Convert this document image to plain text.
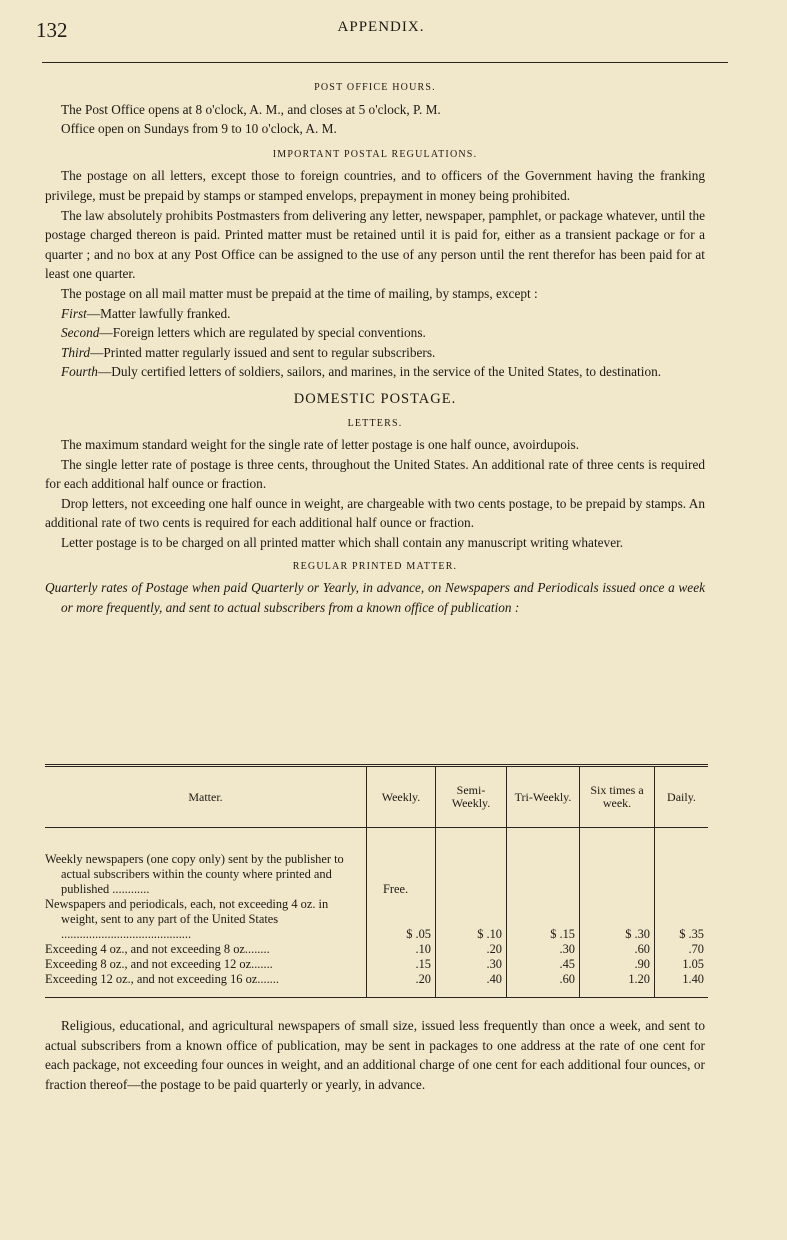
132	APPENDIX.
POST OFFICE HOURS.

The Post Office opens at 8 o'clock, A. M., and closes at 5 o'clock, P. M.

Office open on Sundays from 9 to 10 o'clock, A. M.

IMPORTANT POSTAL REGULATIONS.

The postage on all letters, except those to foreign countries, and to officers of the Government having the franking privilege, must be prepaid by stamps or stamped envelops, prepayment in money being prohibited.

The law absolutely prohibits Postmasters from delivering any letter, newspaper, pamphlet, or package whatever, until the postage charged thereon is paid. Printed matter must be retained until it is paid for, either as a transient package or for a quarter ; and no box at any Post Office can be assigned to the use of any person until the rent therefor has been paid for at least one quarter.

The postage on all mail matter must be prepaid at the time of mailing, by stamps, except :

First—Matter lawfully franked.

Second—Foreign letters which are regulated by special conventions.

Third—Printed matter regularly issued and sent to regular subscribers.

Fourth—Duly certified letters of soldiers, sailors, and marines, in the service of the United States, to destination.

DOMESTIC POSTAGE.
LETTERS.

The maximum standard weight for the single rate of letter postage is one half ounce, avoirdupois.

The single letter rate of postage is three cents, throughout the United States. An additional rate of three cents is required for each additional half ounce or fraction.

Drop letters, not exceeding one half ounce in weight, are chargeable with two cents postage, to be prepaid by stamps. An additional rate of two cents is required for each additional half ounce or fraction.

Letter postage is to be charged on all printed matter which shall contain any manuscript writing whatever.

REGULAR PRINTED MATTER.

Quarterly rates of Postage when paid Quarterly or Yearly, in advance, on Newspapers and Periodicals issued once a week or more frequently, and sent to actual subscribers from a known office of publication :

Matter.	Weekly.	Semi-Weekly.	Tri-Weekly.	Six times a week.	Daily.
Weekly newspapers (one copy only) sent by the publisher to actual subscribers within the county where printed and published ............	Free.				
Newspapers and periodicals, each, not exceeding 4 oz. in weight, sent to any part of the United States ..........................................	$ .05	$ .10	$ .15	$ .30	$ .35
Exceeding 4 oz., and not exceeding 8 oz........	.10	.20	.30	.60	.70
Exceeding 8 oz., and not exceeding 12 oz.......	.15	.30	.45	.90	1.05
Exceeding 12 oz., and not exceeding 16 oz.......	.20	.40	.60	1.20	1.40

Religious, educational, and agricultural newspapers of small size, issued less frequently than once a week, and sent to actual subscribers from a known office of publication, may be sent in packages to one address at the rate of one cent for each package, not exceeding four ounces in weight, and an additional charge of one cent for each additional four ounces, or fraction thereof—the postage to be paid quarterly or yearly, in advance.
